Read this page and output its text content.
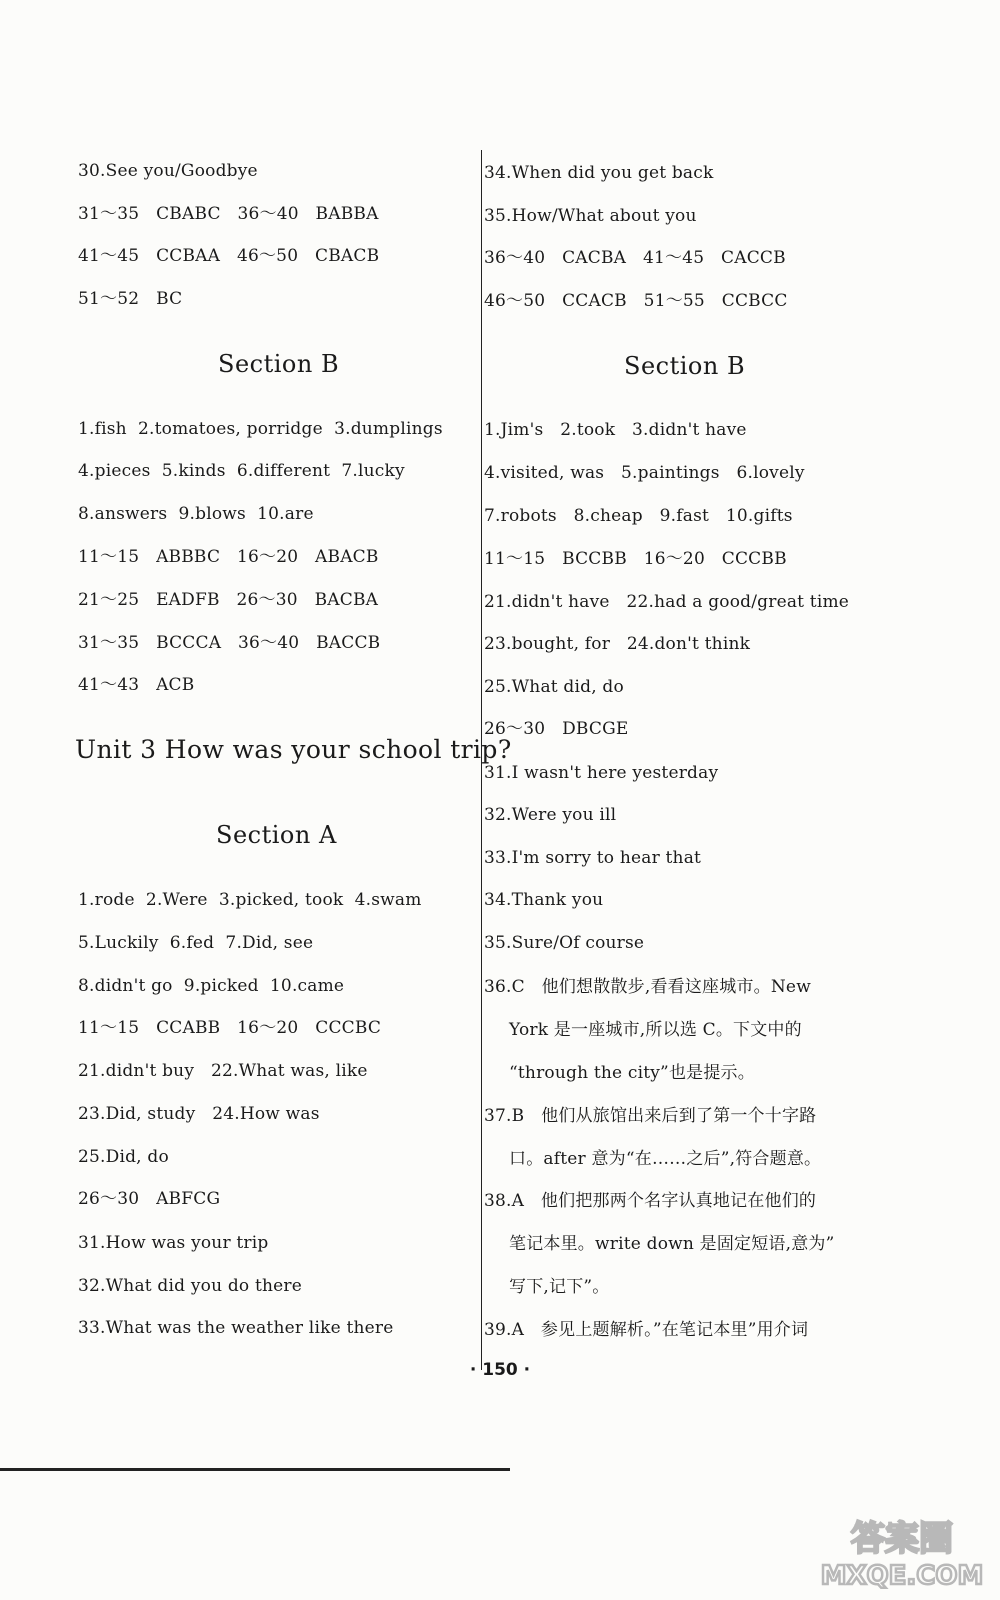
30.See you/Goodbye
31～35   CBABC   36～40   BABBA
41～45   CCBAA   46～50   CBACB
51～52   BC
Section B
1.fish  2.tomatoes, porridge  3.dumplings
4.pieces  5.kinds  6.different  7.lucky
8.answers  9.blows  10.are
11～15   ABBBC   16～20   ABACB
21～25   EADFB   26～30   BACBA
31～35   BCCCA   36～40   BACCB
41～43   ACB
Unit 3 How was your school trip?
Section A
1.rode  2.Were  3.picked, took  4.swam
5.Luckily  6.fed  7.Did, see
8.didn't go  9.picked  10.came
11～15   CCABB   16～20   CCCBC
21.didn't buy   22.What was, like
23.Did, study   24.How was
25.Did, do
26～30   ABFCG
31.How was your trip
32.What did you do there
33.What was the weather like there
34.When did you get back
35.How/What about you
36～40   CACBA   41～45   CACCB
46～50   CCACB   51～55   CCBCC
Section B
1.Jim's   2.took   3.didn't have
4.visited, was   5.paintings   6.lovely
7.robots   8.cheap   9.fast   10.gifts
11～15   BCCBB   16～20   CCCBB
21.didn't have   22.had a good/great time
23.bought, for   24.don't think
25.What did, do
26～30   DBCGE
31.I wasn't here yesterday
32.Were you ill
33.I'm sorry to hear that
34.Thank you
35.Sure/Of course
36.C   他们想散散步,看看这座城市。New
York 是一座城市,所以选 C。下文中的
“through the city”也是提示。
37.B   他们从旅馆出来后到了第一个十字路
口。after 意为“在……之后”,符合题意。
38.A   他们把那两个名字认真地记在他们的
笔记本里。write down 是固定短语,意为”
写下,记下”。
39.A   参见上题解析。”在笔记本里”用介词
· 150 ·
答案圈
MXQE.COM
